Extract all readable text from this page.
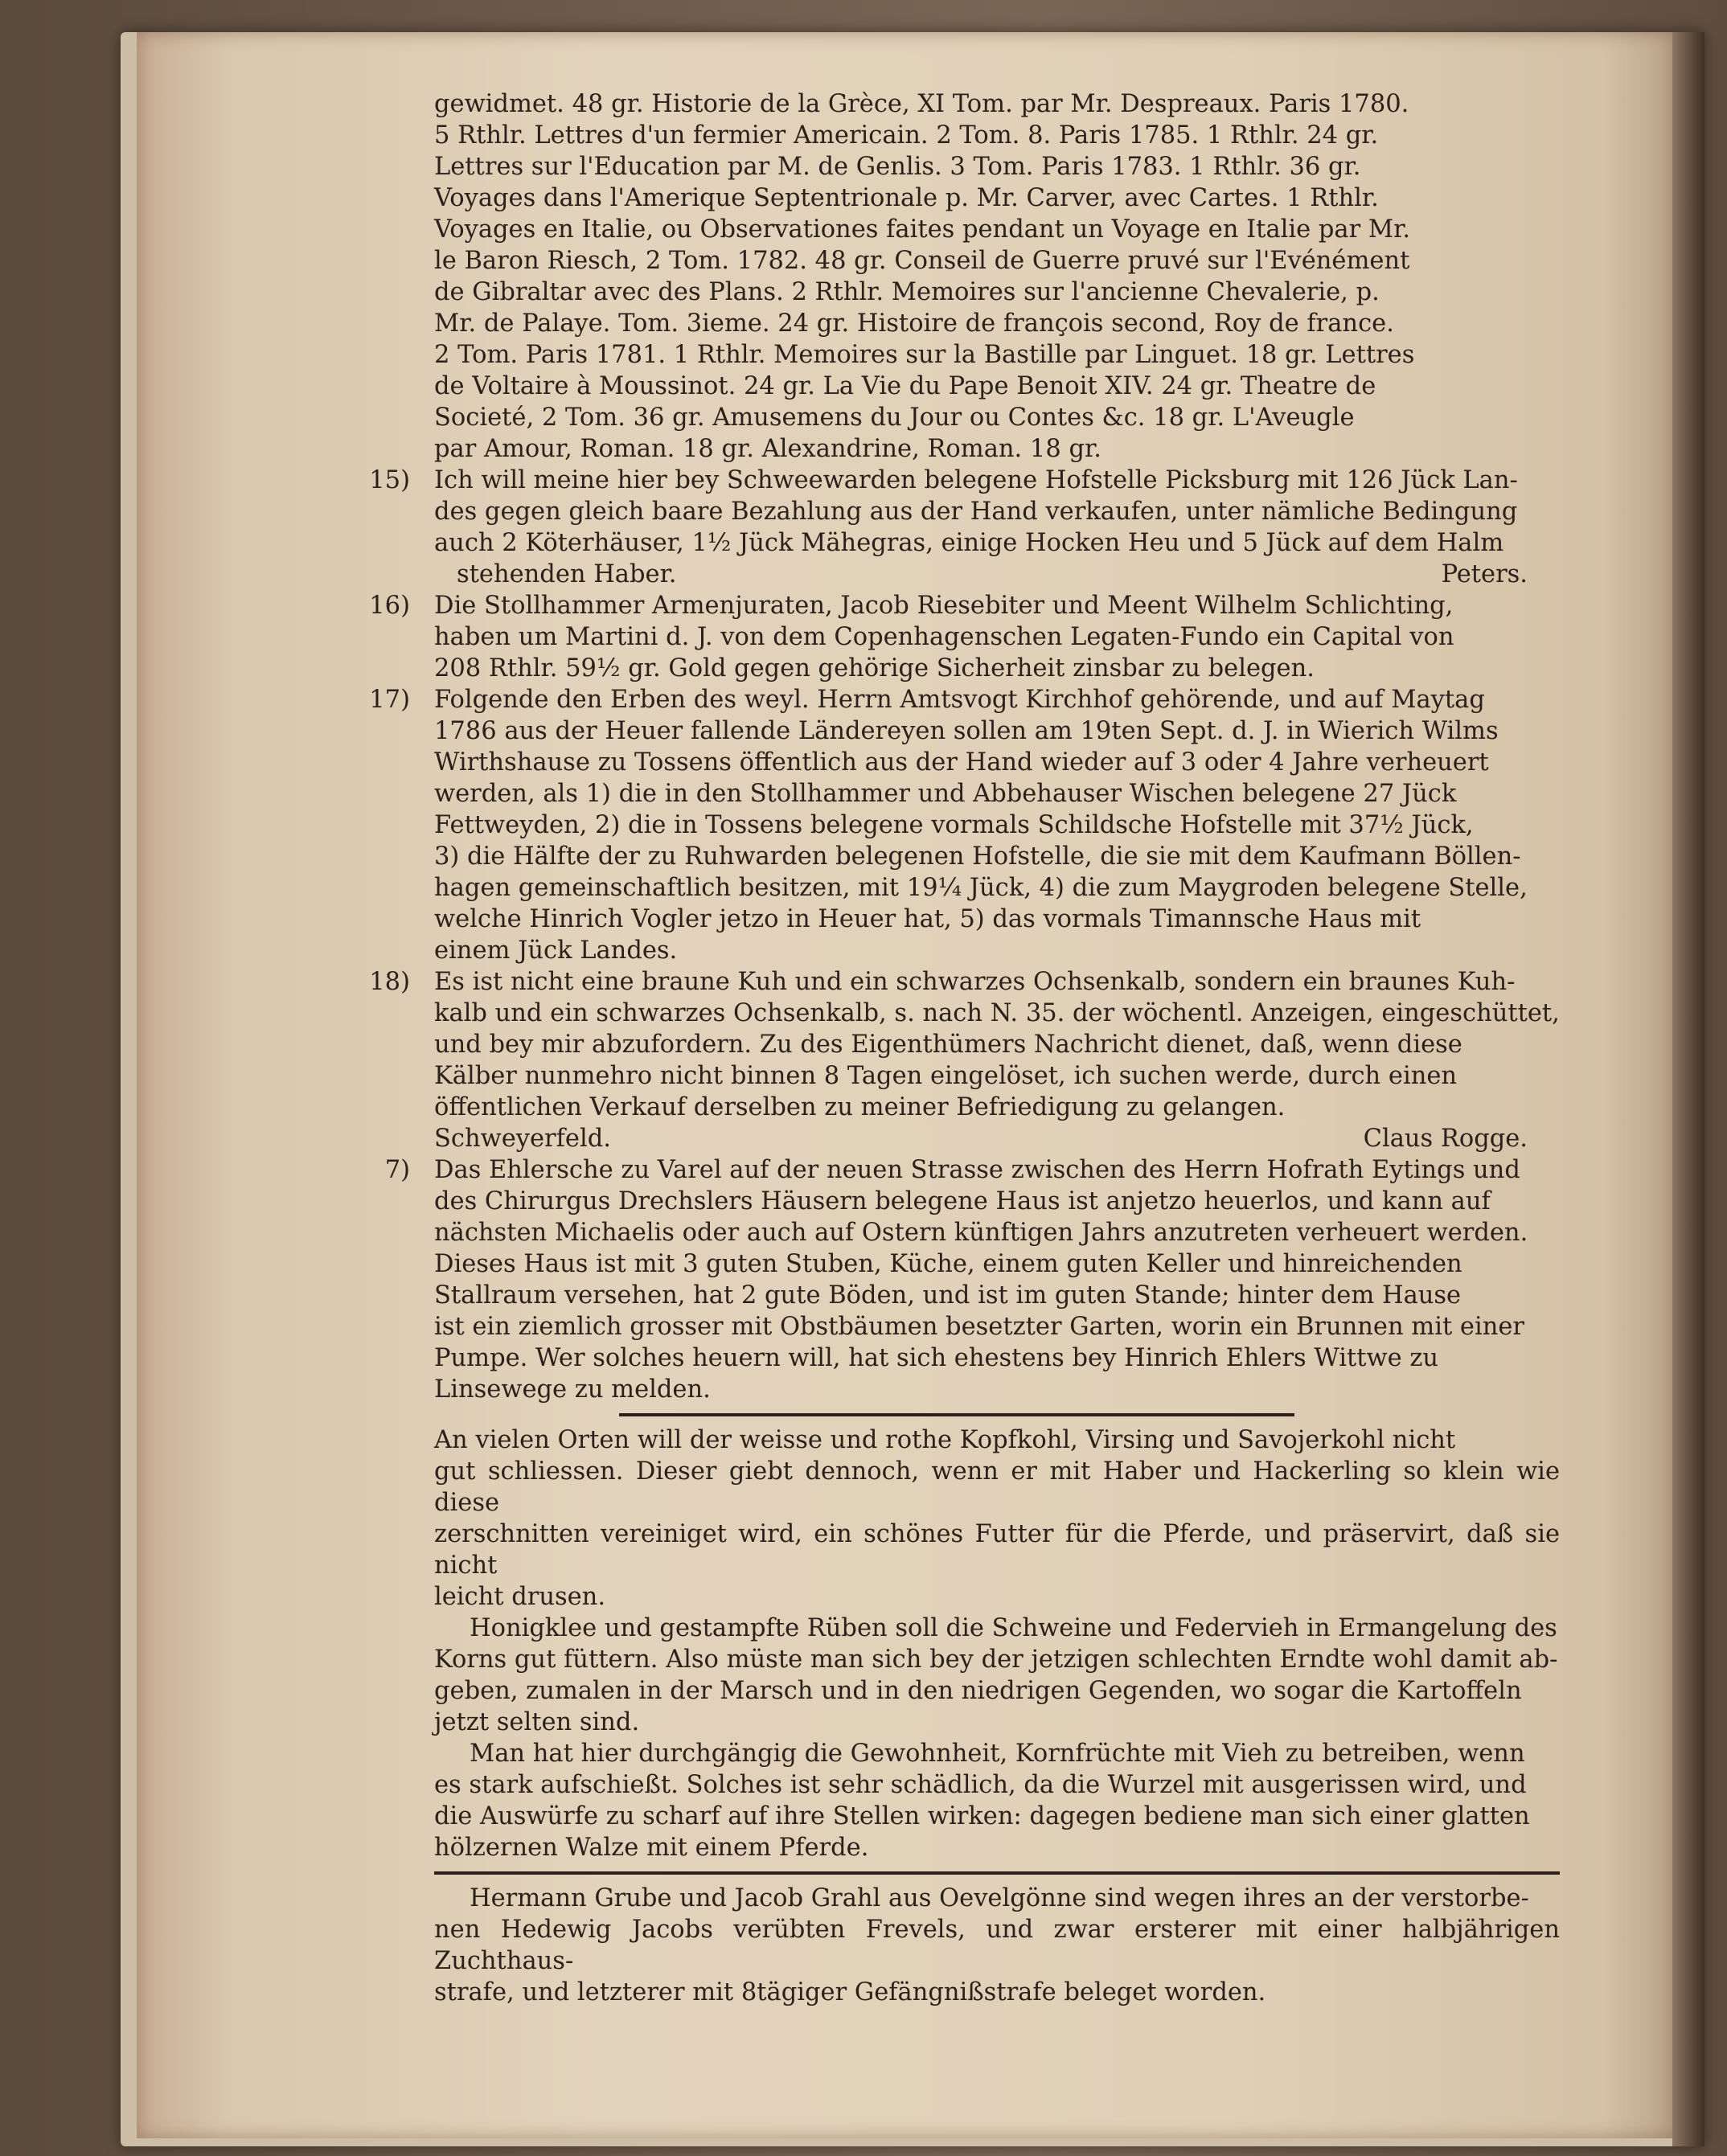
gewidmet. 48 gr. Historie de la Grèce, XI Tom. par Mr. Despreaux. Paris 1780.
5 Rthlr. Lettres d'un fermier Americain. 2 Tom. 8. Paris 1785. 1 Rthlr. 24 gr.
Lettres sur l'Education par M. de Genlis. 3 Tom. Paris 1783. 1 Rthlr. 36 gr.
Voyages dans l'Amerique Septentrionale p. Mr. Carver, avec Cartes. 1 Rthlr.
Voyages en Italie, ou Observationes faites pendant un Voyage en Italie par Mr.
le Baron Riesch, 2 Tom. 1782. 48 gr. Conseil de Guerre pruvé sur l'Evénément
de Gibraltar avec des Plans. 2 Rthlr. Memoires sur l'ancienne Chevalerie, p.
Mr. de Palaye. Tom. 3ieme. 24 gr. Histoire de françois second, Roy de france.
2 Tom. Paris 1781. 1 Rthlr. Memoires sur la Bastille par Linguet. 18 gr. Lettres
de Voltaire à Moussinot. 24 gr. La Vie du Pape Benoit XIV. 24 gr. Theatre de
Societé, 2 Tom. 36 gr. Amusemens du Jour ou Contes &c. 18 gr. L'Aveugle
par Amour, Roman. 18 gr. Alexandrine, Roman. 18 gr.
15) Ich will meine hier bey Schweewarden belegene Hofstelle Picksburg mit 126 Jück Lan-
des gegen gleich baare Bezahlung aus der Hand verkaufen, unter nämliche Bedingung
auch 2 Köterhäuser, 1½ Jück Mähegras, einige Hocken Heu und 5 Jück auf dem Halm
stehenden Haber.	Peters.
16) Die Stollhammer Armenjuraten, Jacob Riesebiter und Meent Wilhelm Schlichting,
haben um Martini d. J. von dem Copenhagenschen Legaten-Fundo ein Capital von
208 Rthlr. 59½ gr. Gold gegen gehörige Sicherheit zinsbar zu belegen.
17) Folgende den Erben des weyl. Herrn Amtsvogt Kirchhof gehörende, und auf Maytag
1786 aus der Heuer fallende Ländereyen sollen am 19ten Sept. d. J. in Wierich Wilms
Wirthshause zu Tossens öffentlich aus der Hand wieder auf 3 oder 4 Jahre verheuert
werden, als 1) die in den Stollhammer und Abbehauser Wischen belegene 27 Jück
Fettweyden, 2) die in Tossens belegene vormals Schildsche Hofstelle mit 37½ Jück,
3) die Hälfte der zu Ruhwarden belegenen Hofstelle, die sie mit dem Kaufmann Böllen-
hagen gemeinschaftlich besitzen, mit 19¼ Jück, 4) die zum Maygroden belegene Stelle,
welche Hinrich Vogler jetzo in Heuer hat, 5) das vormals Timannsche Haus mit
einem Jück Landes.
18) Es ist nicht eine braune Kuh und ein schwarzes Ochsenkalb, sondern ein braunes Kuh-
kalb und ein schwarzes Ochsenkalb, s. nach N. 35. der wöchentl. Anzeigen, eingeschüttet,
und bey mir abzufordern. Zu des Eigenthümers Nachricht dienet, daß, wenn diese
Kälber nunmehro nicht binnen 8 Tagen eingelöset, ich suchen werde, durch einen
öffentlichen Verkauf derselben zu meiner Befriedigung zu gelangen.
Schweyerfeld.	Claus Rogge.
7) Das Ehlersche zu Varel auf der neuen Strasse zwischen des Herrn Hofrath Eytings und
des Chirurgus Drechslers Häusern belegene Haus ist anjetzo heuerlos, und kann auf
nächsten Michaelis oder auch auf Ostern künftigen Jahrs anzutreten verheuert werden.
Dieses Haus ist mit 3 guten Stuben, Küche, einem guten Keller und hinreichenden
Stallraum versehen, hat 2 gute Böden, und ist im guten Stande; hinter dem Hause
ist ein ziemlich grosser mit Obstbäumen besetzter Garten, worin ein Brunnen mit einer
Pumpe. Wer solches heuern will, hat sich ehestens bey Hinrich Ehlers Wittwe zu
Linsewege zu melden.
An vielen Orten will der weisse und rothe Kopfkohl, Virsing und Savojerkohl nicht
gut schliessen. Dieser giebt dennoch, wenn er mit Haber und Hackerling so klein wie diese
zerschnitten vereiniget wird, ein schönes Futter für die Pferde, und präservirt, daß sie nicht
leicht drusen.
Honigklee und gestampfte Rüben soll die Schweine und Federvieh in Ermangelung des
Korns gut füttern. Also müste man sich bey der jetzigen schlechten Erndte wohl damit ab-
geben, zumalen in der Marsch und in den niedrigen Gegenden, wo sogar die Kartoffeln
jetzt selten sind.
Man hat hier durchgängig die Gewohnheit, Kornfrüchte mit Vieh zu betreiben, wenn
es stark aufschießt. Solches ist sehr schädlich, da die Wurzel mit ausgerissen wird, und
die Auswürfe zu scharf auf ihre Stellen wirken: dagegen bediene man sich einer glatten
hölzernen Walze mit einem Pferde.
Hermann Grube und Jacob Grahl aus Oevelgönne sind wegen ihres an der verstorbe-
nen Hedewig Jacobs verübten Frevels, und zwar ersterer mit einer halbjährigen Zuchthaus-
strafe, und letzterer mit 8tägiger Gefängnißstrafe beleget worden.
